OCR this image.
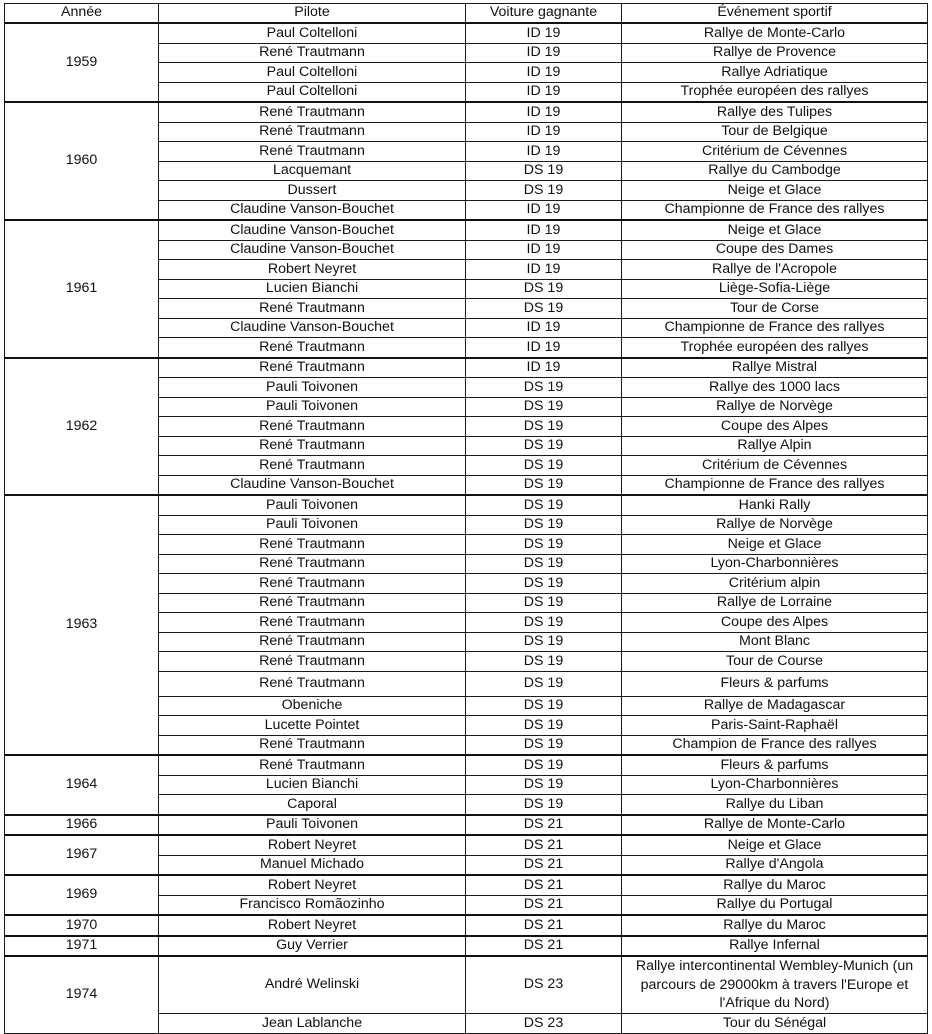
Année	Pilote	Voiture gagnante	Événement sportif
1959	Paul Coltelloni	ID 19	Rallye de Monte-Carlo
	René Trautmann	ID 19	Rallye de Provence
	Paul Coltelloni	ID 19	Rallye Adriatique
	Paul Coltelloni	ID 19	Trophée européen des rallyes
1960	René Trautmann	ID 19	Rallye des Tulipes
	René Trautmann	ID 19	Tour de Belgique
	René Trautmann	ID 19	Critérium de Cévennes
	Lacquemant	DS 19	Rallye du Cambodge
	Dussert	DS 19	Neige et Glace
	Claudine Vanson-Bouchet	ID 19	Championne de France des rallyes
1961	Claudine Vanson-Bouchet	ID 19	Neige et Glace
	Claudine Vanson-Bouchet	ID 19	Coupe des Dames
	Robert Neyret	ID 19	Rallye de l'Acropole
	Lucien Bianchi	DS 19	Liège-Sofia-Liège
	René Trautmann	DS 19	Tour de Corse
	Claudine Vanson-Bouchet	ID 19	Championne de France des rallyes
	René Trautmann	ID 19	Trophée européen des rallyes
1962	René Trautmann	ID 19	Rallye Mistral
	Pauli Toivonen	DS 19	Rallye des 1000 lacs
	Pauli Toivonen	DS 19	Rallye de Norvège
	René Trautmann	DS 19	Coupe des Alpes
	René Trautmann	DS 19	Rallye Alpin
	René Trautmann	DS 19	Critérium de Cévennes
	Claudine Vanson-Bouchet	DS 19	Championne de France des rallyes
1963	Pauli Toivonen	DS 19	Hanki Rally
	Pauli Toivonen	DS 19	Rallye de Norvège
	René Trautmann	DS 19	Neige et Glace
	René Trautmann	DS 19	Lyon-Charbonnières
	René Trautmann	DS 19	Critérium alpin
	René Trautmann	DS 19	Rallye de Lorraine
	René Trautmann	DS 19	Coupe des Alpes
	René Trautmann	DS 19	Mont Blanc
	René Trautmann	DS 19	Tour de Course
	René Trautmann	DS 19	Fleurs & parfums
	Obeniche	DS 19	Rallye de Madagascar
	Lucette Pointet	DS 19	Paris-Saint-Raphaël
	René Trautmann	DS 19	Champion de France des rallyes
1964	René Trautmann	DS 19	Fleurs & parfums
	Lucien Bianchi	DS 19	Lyon-Charbonnières
	Caporal	DS 19	Rallye du Liban
1966	Pauli Toivonen	DS 21	Rallye de Monte-Carlo
1967	Robert Neyret	DS 21	Neige et Glace
	Manuel Michado	DS 21	Rallye d'Angola
1969	Robert Neyret	DS 21	Rallye du Maroc
	Francisco Romãozinho	DS 21	Rallye du Portugal
1970	Robert Neyret	DS 21	Rallye du Maroc
1971	Guy Verrier	DS 21	Rallye Infernal
1974	André Welinski	DS 23	Rallye intercontinental Wembley-Munich (un parcours de 29000km à travers l'Europe et l'Afrique du Nord)
	Jean Lablanche	DS 23	Tour du Sénégal
